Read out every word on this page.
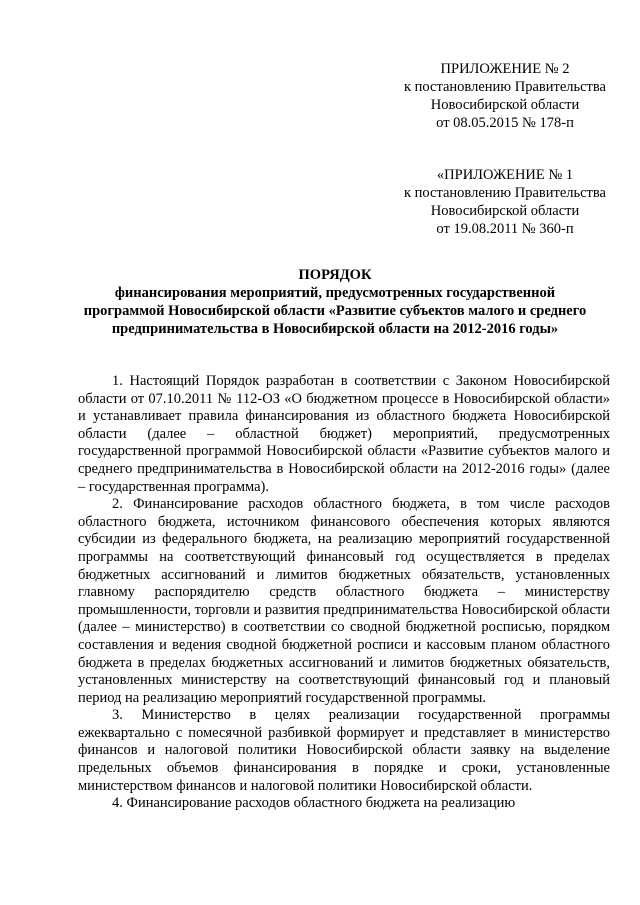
ПРИЛОЖЕНИЕ № 2
к постановлению Правительства
Новосибирской области
от 08.05.2015 № 178-п
«ПРИЛОЖЕНИЕ № 1
к постановлению Правительства
Новосибирской области
от 19.08.2011 № 360-п
ПОРЯДОК
финансирования мероприятий, предусмотренных государственной
программой Новосибирской области «Развитие субъектов малого и среднего
предпринимательства в Новосибирской области на 2012-2016 годы»

1. Настоящий Порядок разработан в соответствии с Законом Новосибирской области от 07.10.2011 № 112-ОЗ «О бюджетном процессе в Новосибирской области» и устанавливает правила финансирования из областного бюджета Новосибирской области (далее – областной бюджет) мероприятий, предусмотренных государственной программой Новосибирской области «Развитие субъектов малого и среднего предпринимательства в Новосибирской области на 2012-2016 годы» (далее – государственная программа).

2. Финансирование расходов областного бюджета, в том числе расходов областного бюджета, источником финансового обеспечения которых являются субсидии из федерального бюджета, на реализацию мероприятий государственной программы на соответствующий финансовый год осуществляется в пределах бюджетных ассигнований и лимитов бюджетных обязательств, установленных главному распорядителю средств областного бюджета – министерству промышленности, торговли и развития предпринимательства Новосибирской области (далее – министерство) в соответствии со сводной бюджетной росписью, порядком составления и ведения сводной бюджетной росписи и кассовым планом областного бюджета в пределах бюджетных ассигнований и лимитов бюджетных обязательств, установленных министерству на соответствующий финансовый год и плановый период на реализацию мероприятий государственной программы.

3. Министерство в целях реализации государственной программы ежеквартально с помесячной разбивкой формирует и представляет в министерство финансов и налоговой политики Новосибирской области заявку на выделение предельных объемов финансирования в порядке и сроки, установленные министерством финансов и налоговой политики Новосибирской области.

4. Финансирование расходов областного бюджета на реализацию
